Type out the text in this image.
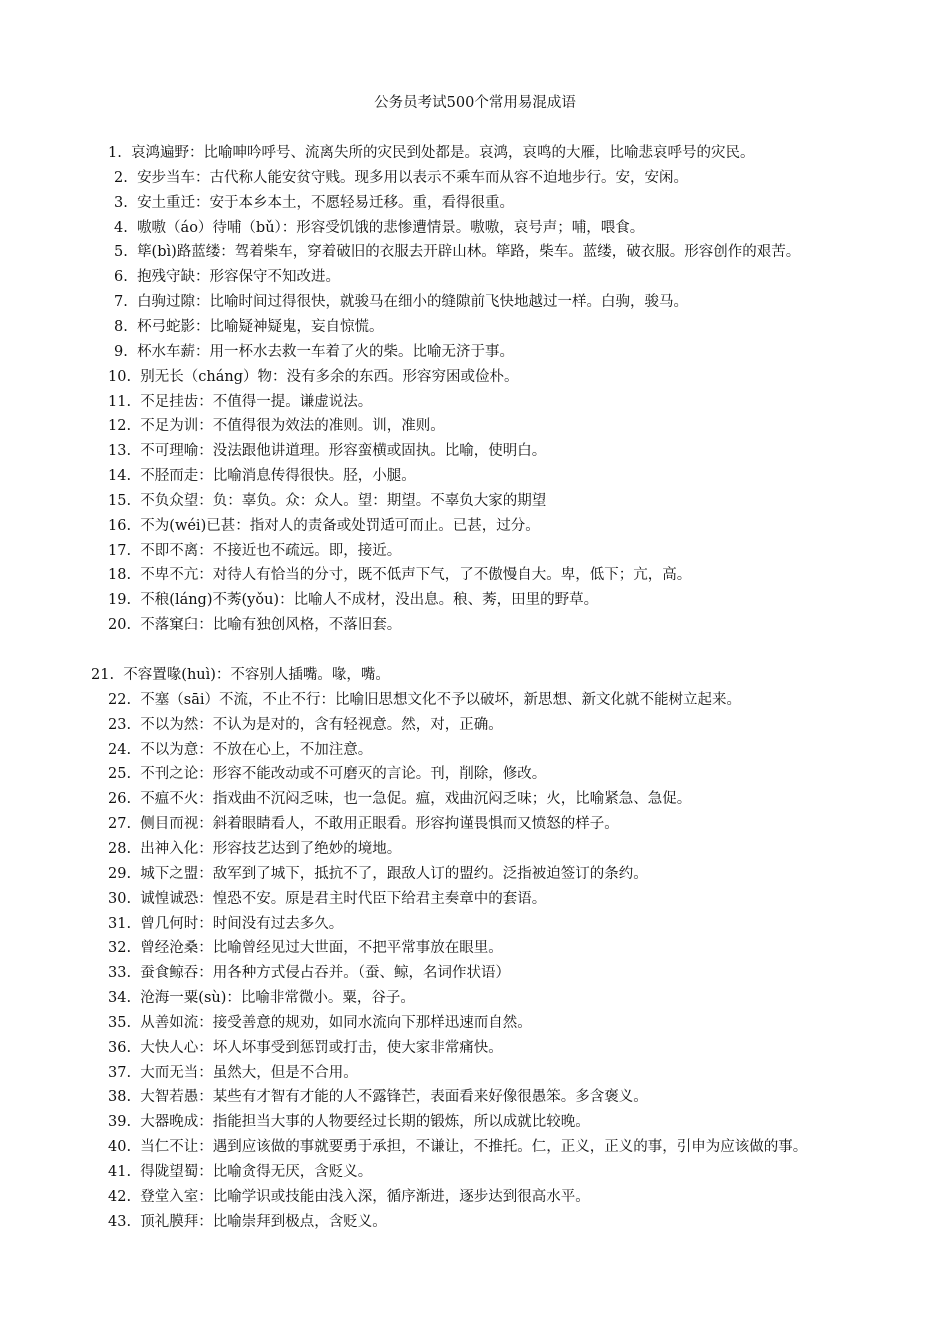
公务员考试500个常用易混成语
1. 哀鸿遍野：比喻呻吟呼号、流离失所的灾民到处都是。哀鸿，哀鸣的大雁，比喻悲哀呼号的灾民。
2. 安步当车：古代称人能安贫守贱。现多用以表示不乘车而从容不迫地步行。安，安闲。
3. 安土重迁：安于本乡本土，不愿轻易迁移。重，看得很重。
4. 嗷嗷（áo）待哺（bǔ）：形容受饥饿的悲惨遭情景。嗷嗷，哀号声；哺，喂食。
5. 筚(bì)路蓝缕：驾着柴车，穿着破旧的衣服去开辟山林。筚路，柴车。蓝缕，破衣服。形容创作的艰苦。
6. 抱残守缺：形容保守不知改进。
7. 白驹过隙：比喻时间过得很快，就骏马在细小的缝隙前飞快地越过一样。白驹，骏马。
8. 杯弓蛇影：比喻疑神疑鬼，妄自惊慌。
9. 杯水车薪：用一杯水去救一车着了火的柴。比喻无济于事。
10. 别无长（cháng）物：没有多余的东西。形容穷困或俭朴。
11. 不足挂齿：不值得一提。谦虚说法。
12. 不足为训：不值得很为效法的准则。训，准则。
13. 不可理喻：没法跟他讲道理。形容蛮横或固执。比喻，使明白。
14. 不胫而走：比喻消息传得很快。胫，小腿。
15. 不负众望：负：辜负。众：众人。望：期望。不辜负大家的期望
16. 不为(wéi)已甚：指对人的责备或处罚适可而止。已甚，过分。
17. 不即不离：不接近也不疏远。即，接近。
18. 不卑不亢：对待人有恰当的分寸，既不低声下气，了不傲慢自大。卑，低下；亢，高。
19. 不稂(láng)不莠(yǒu)：比喻人不成材，没出息。稂、莠，田里的野草。
20. 不落窠臼：比喻有独创风格，不落旧套。
21. 不容置喙(huì)：不容别人插嘴。喙，嘴。
22. 不塞（sāi）不流，不止不行：比喻旧思想文化不予以破坏，新思想、新文化就不能树立起来。
23. 不以为然：不认为是对的，含有轻视意。然，对，正确。
24. 不以为意：不放在心上，不加注意。
25. 不刊之论：形容不能改动或不可磨灭的言论。刊，削除，修改。
26. 不瘟不火：指戏曲不沉闷乏味，也一急促。瘟，戏曲沉闷乏味；火，比喻紧急、急促。
27. 侧目而视：斜着眼睛看人，不敢用正眼看。形容拘谨畏惧而又愤怒的样子。
28. 出神入化：形容技艺达到了绝妙的境地。
29. 城下之盟：敌军到了城下，抵抗不了，跟敌人订的盟约。泛指被迫签订的条约。
30. 诚惶诚恐：惶恐不安。原是君主时代臣下给君主奏章中的套语。
31. 曾几何时：时间没有过去多久。
32. 曾经沧桑：比喻曾经见过大世面，不把平常事放在眼里。
33. 蚕食鲸吞：用各种方式侵占吞并。（蚕、鲸，名词作状语）
34. 沧海一粟(sù)：比喻非常微小。粟，谷子。
35. 从善如流：接受善意的规劝，如同水流向下那样迅速而自然。
36. 大快人心：坏人坏事受到惩罚或打击，使大家非常痛快。
37. 大而无当：虽然大，但是不合用。
38. 大智若愚：某些有才智有才能的人不露锋芒，表面看来好像很愚笨。多含褒义。
39. 大器晚成：指能担当大事的人物要经过长期的锻炼，所以成就比较晚。
40. 当仁不让：遇到应该做的事就要勇于承担，不谦让，不推托。仁，正义，正义的事，引申为应该做的事。
41. 得陇望蜀：比喻贪得无厌，含贬义。
42. 登堂入室：比喻学识或技能由浅入深，循序渐进，逐步达到很高水平。
43. 顶礼膜拜：比喻崇拜到极点，含贬义。
